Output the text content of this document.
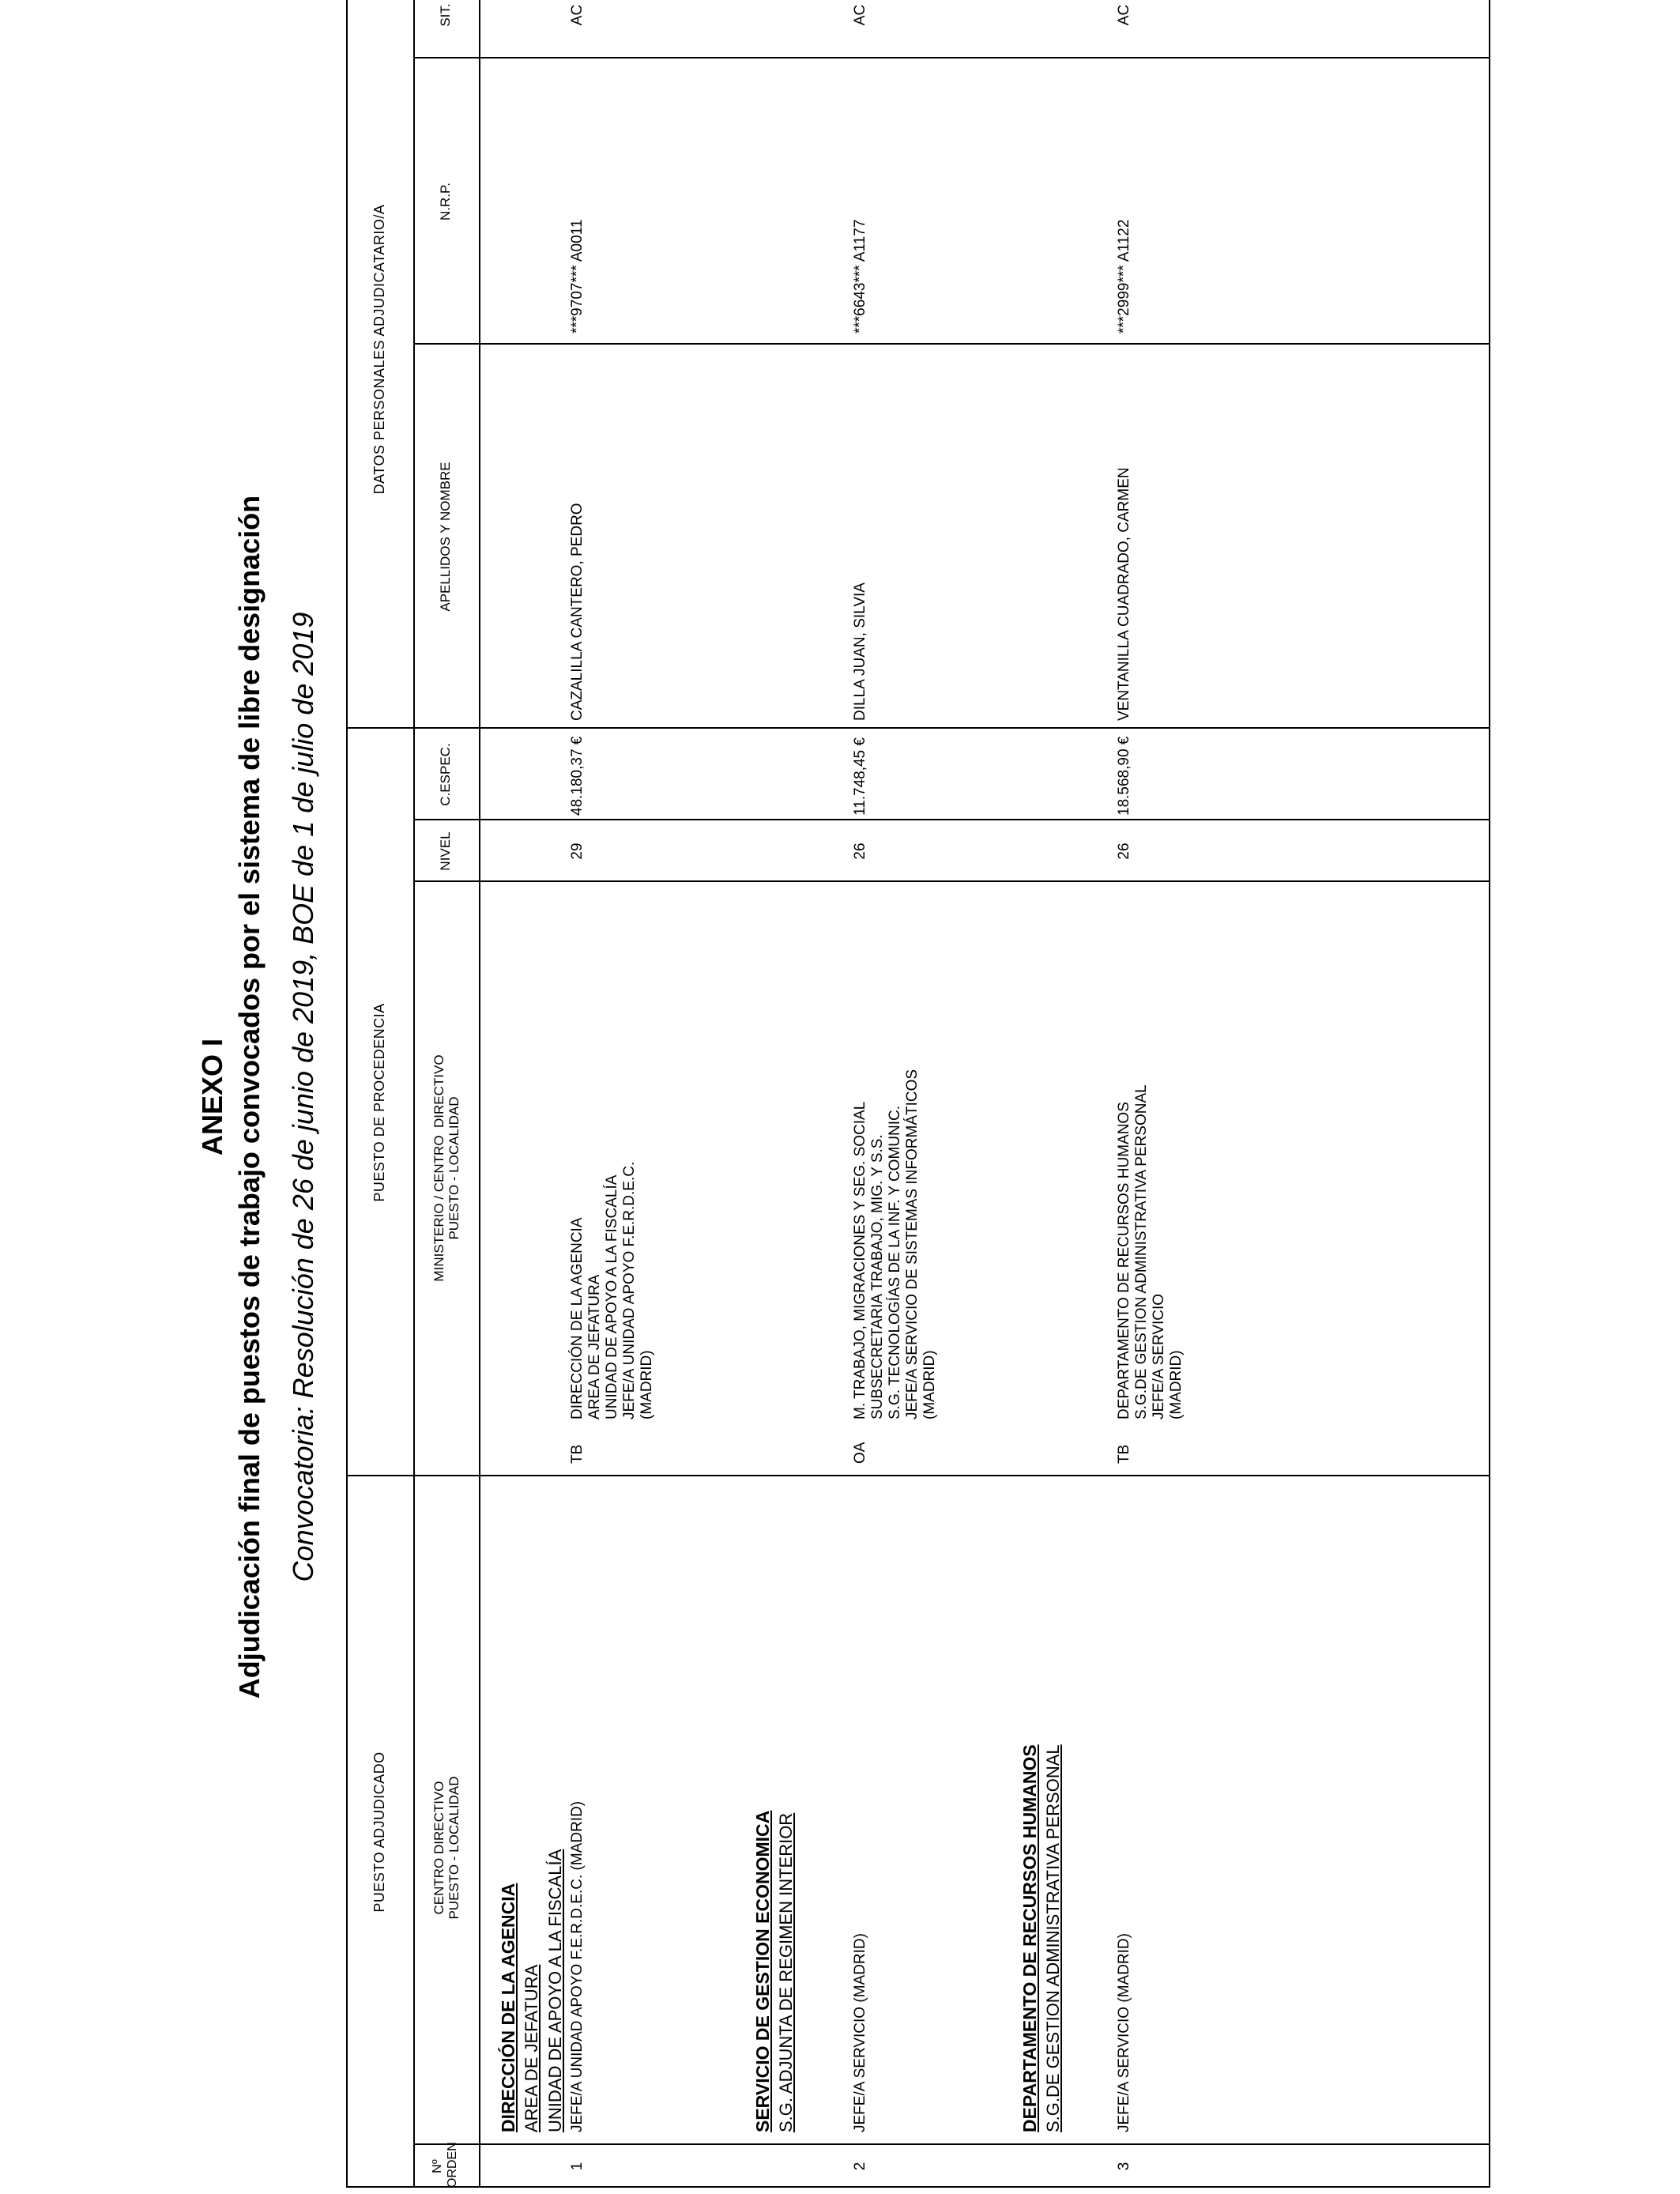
ANEXO I Adjudicación final de puestos de trabajo convocados por el sistema de libre designación Convocatoria: Resolución de 26 de junio de 2019, BOE de 1 de julio de 2019
PUESTO ADJUDICADO
PUESTO DE PROCEDENCIA
DATOS PERSONALES ADJUDICATARIO/A
Nº
ORDEN
CENTRO DIRECTIVO
PUESTO - LOCALIDAD
MINISTERIO / CENTRO  DIRECTIVO
PUESTO - LOCALIDAD
NIVEL
C.ESPEC.
APELLIDOS Y NOMBRE
N.R.P.
SIT.
DIRECCIÓN DE LA AGENCIA AREA DE JEFATURA UNIDAD DE APOYO A LA FISCALÍA
1
JEFE/A UNIDAD APOYO F.E.R.D.E.C. (MADRID)
TB
DIRECCIÓN DE LA AGENCIA
AREA DE JEFATURA
UNIDAD DE APOYO A LA FISCALÍA
JEFE/A UNIDAD APOYO F.E.R.D.E.C.
(MADRID)
29
48.180,37 €
CAZALILLA CANTERO, PEDRO
***9707*** A0011
AC
SERVICIO DE GESTION ECONOMICA S.G. ADJUNTA DE REGIMEN INTERIOR
2
JEFE/A SERVICIO (MADRID)
OA
M. TRABAJO, MIGRACIONES Y SEG. SOCIAL
SUBSECRETARIA TRABAJO, MIG. Y S.S.
S.G. TECNOLOGÍAS DE LA INF. Y COMUNIC.
JEFE/A SERVICIO DE SISTEMAS INFORMÁTICOS
(MADRID)
26
11.748,45 €
DILLA JUAN, SILVIA
***6643*** A1177
AC
DEPARTAMENTO DE RECURSOS HUMANOS S.G.DE GESTION ADMINISTRATIVA PERSONAL
3
JEFE/A SERVICIO (MADRID)
TB
DEPARTAMENTO DE RECURSOS HUMANOS
S.G.DE GESTION ADMINISTRATIVA PERSONAL
JEFE/A SERVICIO
(MADRID)
26
18.568,90 €
VENTANILLA CUADRADO, CARMEN
***2999*** A1122
AC
